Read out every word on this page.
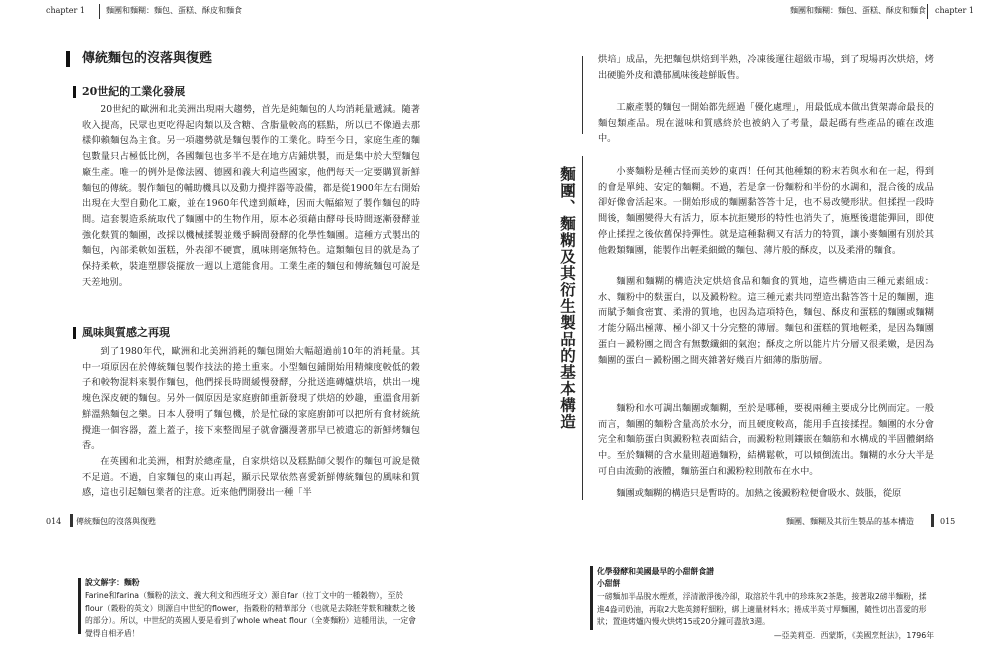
chapter 1	麵團和麵糊：麵包、蛋糕、酥皮和麵食
傳統麵包的沒落與復甦
20世紀的工業化發展

20世紀的歐洲和北美洲出現兩大趨勢，首先是純麵包的人均消耗量遞減。隨著收入提高，民眾也更吃得起肉類以及含糖、含脂量較高的糕點，所以已不像過去那樣仰賴麵包為主食。另一項趨勢就是麵包製作的工業化。時至今日，家庭生產的麵包數量只占極低比例，各國麵包也多半不是在地方店鋪烘製，而是集中於大型麵包廠生產。唯一的例外是像法國、德國和義大利這些國家，他們每天一定要購買新鮮麵包的傳統。製作麵包的輔助機具以及動力攪拌器等設備，都是從1900年左右開始出現在大型自動化工廠，並在1960年代達到顛峰，因而大幅縮短了製作麵包的時間。這套製造系統取代了麵團中的生物作用，原本必須藉由酵母長時間逐漸發酵並強化麩質的麵團，改採以機械揉製並幾乎瞬間發酵的化學性麵團。這種方式製出的麵包，內部柔軟如蛋糕，外表卻不硬實，風味則毫無特色。這類麵包目的就是為了保持柔軟，裝進塑膠袋擺放一週以上還能食用。工業生產的麵包和傳統麵包可說是天差地別。

風味與質感之再現

到了1980年代，歐洲和北美洲消耗的麵包開始大幅超過前10年的消耗量。其中一項原因在於傳統麵包製作技法的捲土重來。小型麵包鋪開始用精煉度較低的穀子和較物混料來製作麵包，他們採長時間緩慢發酵，分批送進磚爐烘培，烘出一塊塊色深皮硬的麵包。另外一個原因是家庭廚師重新發現了烘焙的妙趣，重溫食用新鮮溫熱麵包之樂。日本人發明了麵包機，於是忙碌的家庭廚師可以把所有食材統統攪進一個容器，蓋上蓋子，接下來整間屋子就會瀰漫著那早已被遺忘的新鮮烤麵包香。

在英國和北美洲，相對於總產量，自家烘焙以及糕點師父製作的麵包可說是微不足道。不過，自家麵包的東山再起，顯示民眾依然喜愛新鮮傳統麵包的風味和質感，這也引起麵包業者的注意。近來他們開發出一種「半

014 傳統麵包的沒落與復甦
麵團和麵糊：麵包、蛋糕、酥皮和麵食 chapter 1

烘培」成品，先把麵包烘焙到半熟，冷凍後運往超級市場，到了現場再次烘焙，烤出硬脆外皮和濃郁風味後趁鮮販售。

工廠產製的麵包一開始都先經過「優化處理」，用最低成本做出貨架壽命最長的麵包類產品。現在滋味和質感終於也被納入了考量，最起碼有些產品的確在改進中。

麵團、麵糊及其衍生製品的基本構造	小麥麵粉是種古怪而美妙的東西！任何其他種類的粉末若與水和在一起，得到的會是單純、安定的麵糊。不過，若是拿一份麵粉和半份的水調和，混合後的成品卻好像會活起來。一開始形成的麵團黏答答十足，也不易改變形狀。但揉捏一段時間後，麵團變得大有活力，原本抗拒變形的特性也消失了，施壓後還能彈回，即使停止揉捏之後依舊保持彈性。就是這種黏稠又有活力的特質，讓小麥麵團有別於其他穀類麵團，能製作出輕柔細緻的麵包、薄片般的酥皮，以及柔滑的麵食。

麵團和麵糊的構造決定烘焙食品和麵食的質地，這些構造由三種元素組成：水、麵粉中的麩蛋白，以及澱粉粒。這三種元素共同塑造出黏答答十足的麵團，進而賦予麵食密實、柔滑的質地，也因為這項特色，麵包、酥皮和蛋糕的麵團或麵糊才能分隔出極薄、極小卻又十分完整的薄層。麵包和蛋糕的質地輕柔，是因為麵團蛋白－澱粉團之間含有無數纖細的氣泡；酥皮之所以能片片分層又很柔嫩，是因為麵團的蛋白－澱粉團之間夾雜著好幾百片細薄的脂肪層。

麵粉和水可調出麵團或麵糊，至於是哪種，要視兩種主要成分比例而定。一般而言，麵團的麵粉含量高於水分，而且硬度較高，能用手直接揉捏。麵團的水分會完全和麵筋蛋白與澱粉粒表面結合，而澱粉粒則鑲嵌在麵筋和水構成的半固體網絡中。至於麵糊的含水量則超過麵粉，結構鬆軟，可以傾倒流出。麵糊的水分大半是可自由流動的液體，麵筋蛋白和澱粉粒則散布在水中。

麵團或麵糊的構造只是暫時的。加熱之後澱粉粒便會吸水、鼓脹，從原

麵團、麵糊及其衍生製品的基本構造	015
說文解字：麵粉
Farine和farina（麵粉的法文、義大利文和西班牙文）源自far（拉丁文中的一種穀物），至於flour（穀粉的英文）則源自中世紀的flower，指穀粉的精華部分（也就是去除胚芽麩和糠麩之後的部分）。所以，中世紀的英國人要是看到了whole wheat flour（全麥麵粉）這種用法，一定會覺得自相矛盾！
化學發酵和美國最早的小甜餅食譜
小甜餅
一磅麵加半品脫水煙煮，浮清澈淨後冷卻，取溶於牛乳中的珍珠灰2茶匙，接著取2磅半麵粉，揉進4盎司奶油，再取2大匙英鎊籽細粉，綁上適量材料水；捲成半英寸厚麵團，隨性切出喜愛的形狀；置進烤爐內慢火烘烤15或20分鐘可盡放3週。
—亞美莉亞．西蒙斯，《美國烹飪法》，1796年
